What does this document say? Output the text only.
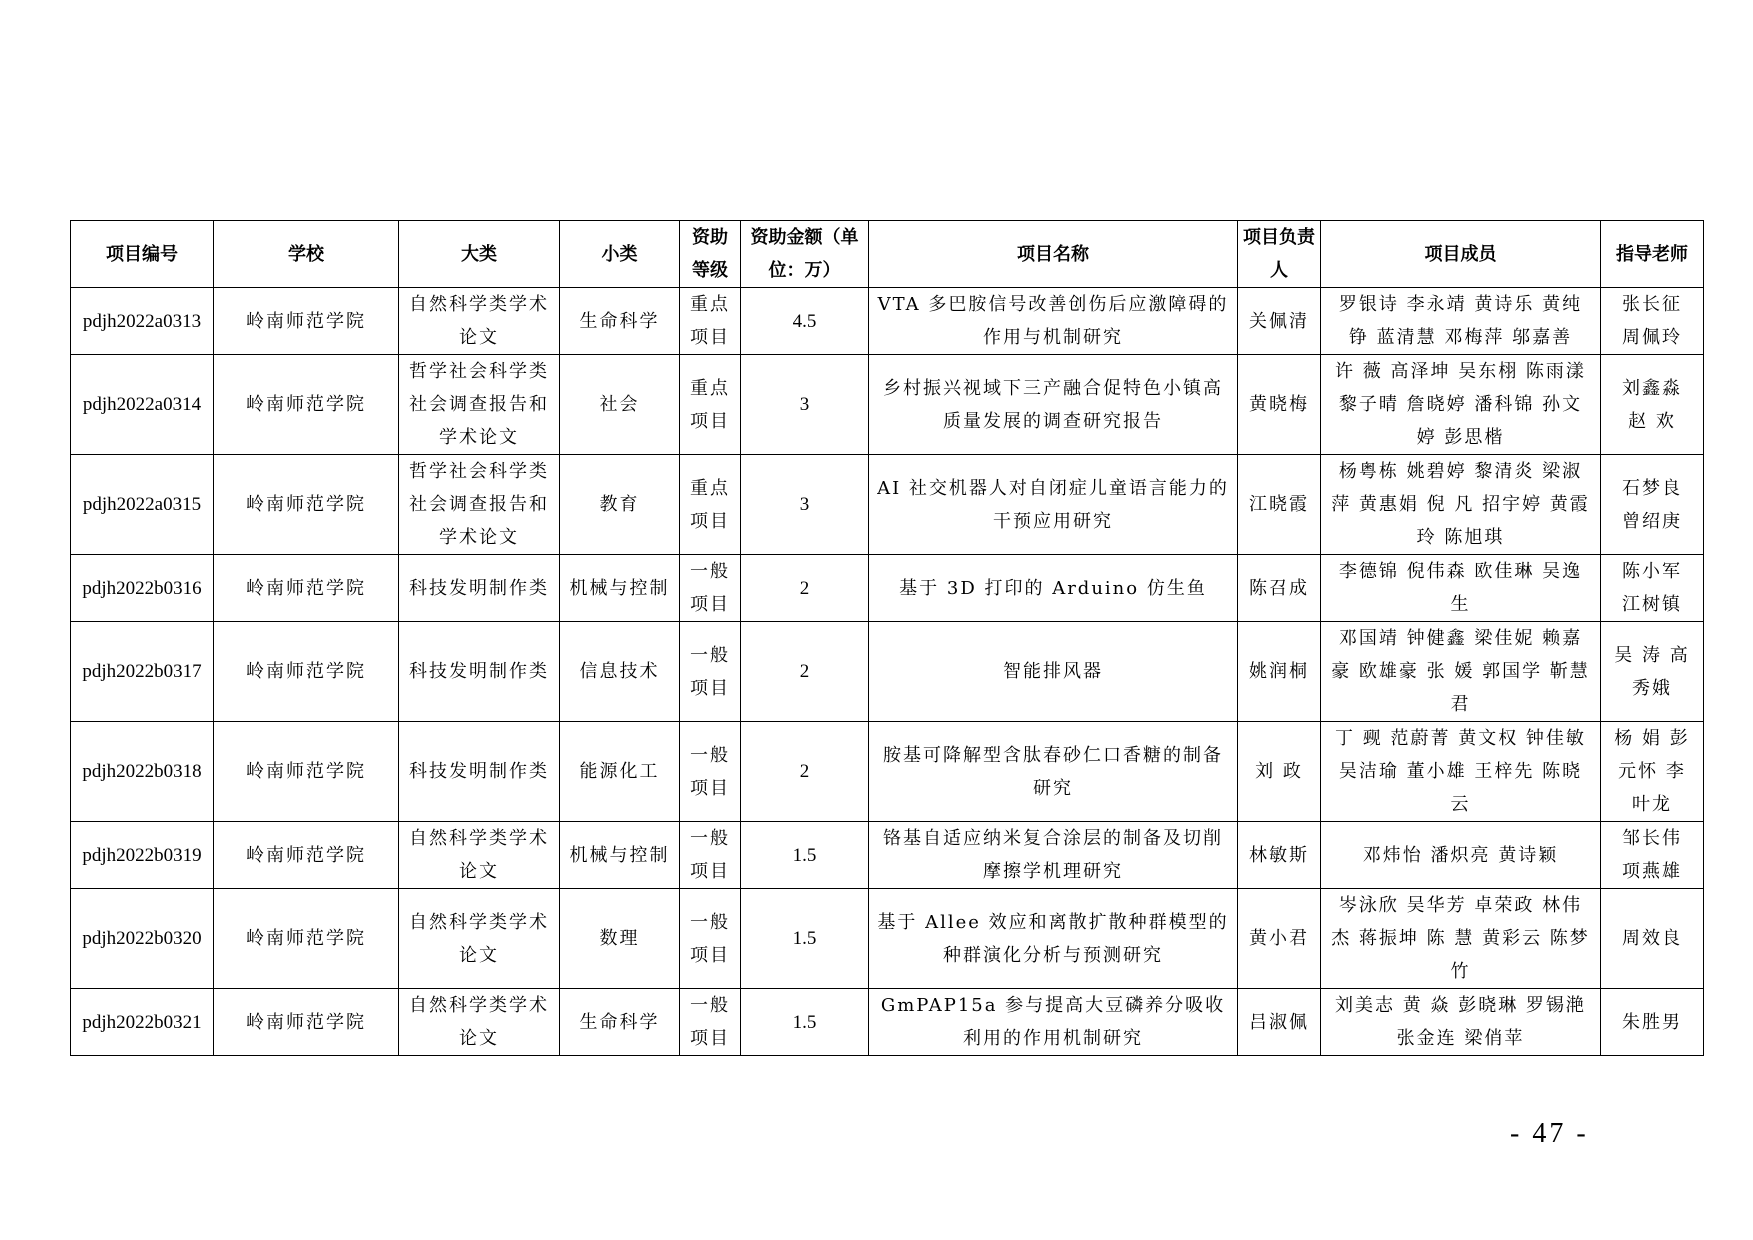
项目编号	学校	大类	小类	资助等级	资助金额（单位：万）	项目名称	项目负责人	项目成员	指导老师
pdjh2022a0313	岭南师范学院	自然科学类学术论文	生命科学	重点项目	4.5	VTA 多巴胺信号改善创伤后应激障碍的作用与机制研究	关佩清	罗银诗 李永靖 黄诗乐 黄纯铮 蓝清慧 邓梅萍 邬嘉善	张长征 周佩玲
pdjh2022a0314	岭南师范学院	哲学社会科学类社会调查报告和学术论文	社会	重点项目	3	乡村振兴视域下三产融合促特色小镇高质量发展的调查研究报告	黄晓梅	许 薇 高泽坤 吴东栩 陈雨漾 黎子晴 詹晓婷 潘科锦 孙文婷 彭思楷	刘鑫淼 赵 欢
pdjh2022a0315	岭南师范学院	哲学社会科学类社会调查报告和学术论文	教育	重点项目	3	AI 社交机器人对自闭症儿童语言能力的干预应用研究	江晓霞	杨粤栋 姚碧婷 黎清炎 梁淑萍 黄惠娟 倪 凡 招宇婷 黄霞玲 陈旭琪	石梦良 曾绍庚
pdjh2022b0316	岭南师范学院	科技发明制作类	机械与控制	一般项目	2	基于 3D 打印的 Arduino 仿生鱼	陈召成	李德锦 倪伟森 欧佳琳 吴逸生	陈小军 江树镇
pdjh2022b0317	岭南师范学院	科技发明制作类	信息技术	一般项目	2	智能排风器	姚润桐	邓国靖 钟健鑫 梁佳妮 赖嘉豪 欧雄豪 张 媛 郭国学 靳慧君	吴 涛 高秀娥
pdjh2022b0318	岭南师范学院	科技发明制作类	能源化工	一般项目	2	胺基可降解型含肽春砂仁口香糖的制备研究	刘 政	丁 觋 范蔚菁 黄文权 钟佳敏 吴洁瑜 董小雄 王梓先 陈晓云	杨 娟 彭元怀 李叶龙
pdjh2022b0319	岭南师范学院	自然科学类学术论文	机械与控制	一般项目	1.5	铬基自适应纳米复合涂层的制备及切削摩擦学机理研究	林敏斯	邓炜怡 潘炽亮 黄诗颖	邹长伟 项燕雄
pdjh2022b0320	岭南师范学院	自然科学类学术论文	数理	一般项目	1.5	基于 Allee 效应和离散扩散种群模型的种群演化分析与预测研究	黄小君	岑泳欣 吴华芳 卓荣政 林伟杰 蒋振坤 陈 慧 黄彩云 陈梦竹	周效良
pdjh2022b0321	岭南师范学院	自然科学类学术论文	生命科学	一般项目	1.5	GmPAP15a 参与提高大豆磷养分吸收利用的作用机制研究	吕淑佩	刘美志 黄 焱 彭晓琳 罗锡滟 张金连 梁俏苹	朱胜男
- 47 -
